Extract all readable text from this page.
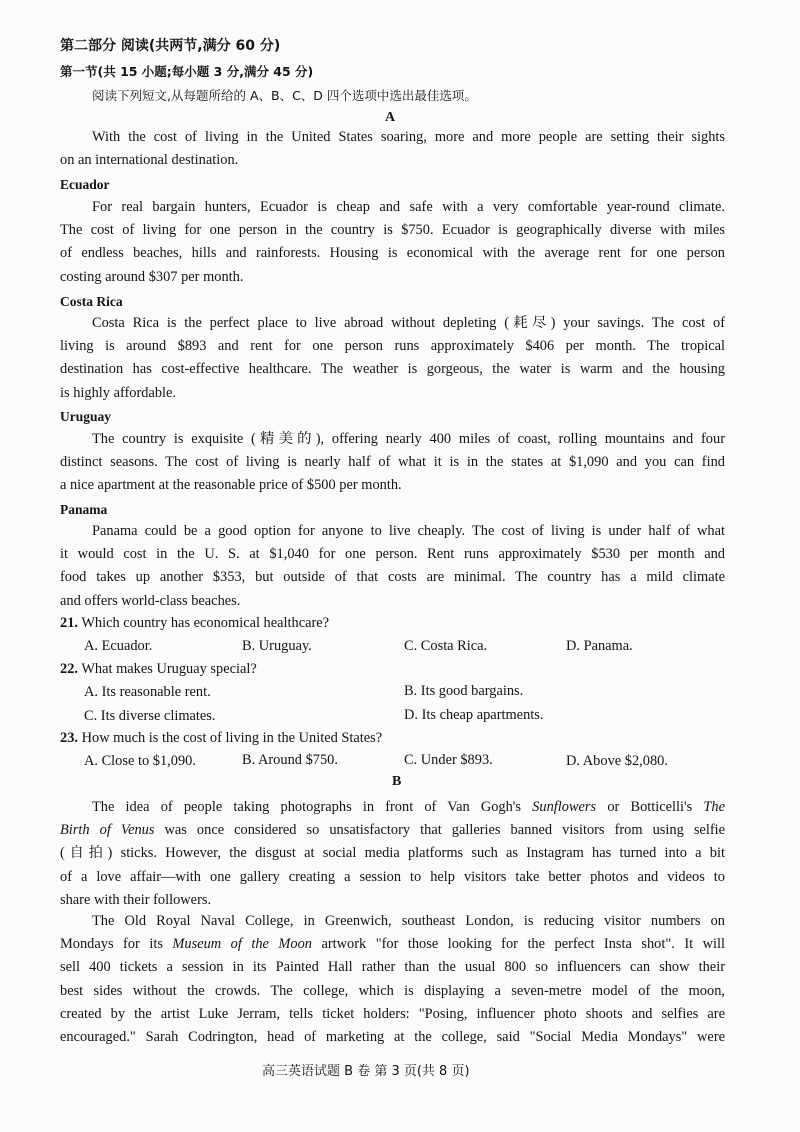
第二部分 阅读(共两节,满分 60 分)
第一节(共 15 小题;每小题 3 分,满分 45 分)
阅读下列短文,从每题所给的 A、B、C、D 四个选项中选出最佳选项。
A
With the cost of living in the United States soaring, more and more people are setting their sights
on an international destination.
Ecuador
For real bargain hunters, Ecuador is cheap and safe with a very comfortable year-round climate.
The cost of living for one person in the country is $750. Ecuador is geographically diverse with miles
of endless beaches, hills and rainforests. Housing is economical with the average rent for one person
costing around $307 per month.
Costa Rica
Costa Rica is the perfect place to live abroad without depleting (耗尽) your savings. The cost of
living is around $893 and rent for one person runs approximately $406 per month. The tropical
destination has cost-effective healthcare. The weather is gorgeous, the water is warm and the housing
is highly affordable.
Uruguay
The country is exquisite (精美的), offering nearly 400 miles of coast, rolling mountains and four
distinct seasons. The cost of living is nearly half of what it is in the states at $1,090 and you can find
a nice apartment at the reasonable price of $500 per month.
Panama
Panama could be a good option for anyone to live cheaply. The cost of living is under half of what
it would cost in the U. S. at $1,040 for one person. Rent runs approximately $530 per month and
food takes up another $353, but outside of that costs are minimal. The country has a mild climate
and offers world-class beaches.
21. Which country has economical healthcare?
A. Ecuador.	B. Uruguay.	C. Costa Rica.	D. Panama.
22. What makes Uruguay special?
A. Its reasonable rent.	B. Its good bargains.
C. Its diverse climates.	D. Its cheap apartments.
23. How much is the cost of living in the United States?
A. Close to $1,090.	B. Around $750.	C. Under $893.	D. Above $2,080.
B
The idea of people taking photographs in front of Van Gogh's Sunflowers or Botticelli's The
Birth of Venus was once considered so unsatisfactory that galleries banned visitors from using selfie
(自拍) sticks. However, the disgust at social media platforms such as Instagram has turned into a bit
of a love affair—with one gallery creating a session to help visitors take better photos and videos to
share with their followers.
The Old Royal Naval College, in Greenwich, southeast London, is reducing visitor numbers on
Mondays for its Museum of the Moon artwork "for those looking for the perfect Insta shot". It will
sell 400 tickets a session in its Painted Hall rather than the usual 800 so influencers can show their
best sides without the crowds. The college, which is displaying a seven-metre model of the moon,
created by the artist Luke Jerram, tells ticket holders: "Posing, influencer photo shoots and selfies are
encouraged." Sarah Codrington, head of marketing at the college, said "Social Media Mondays" were
高三英语试题 B 卷 第 3 页(共 8 页)
